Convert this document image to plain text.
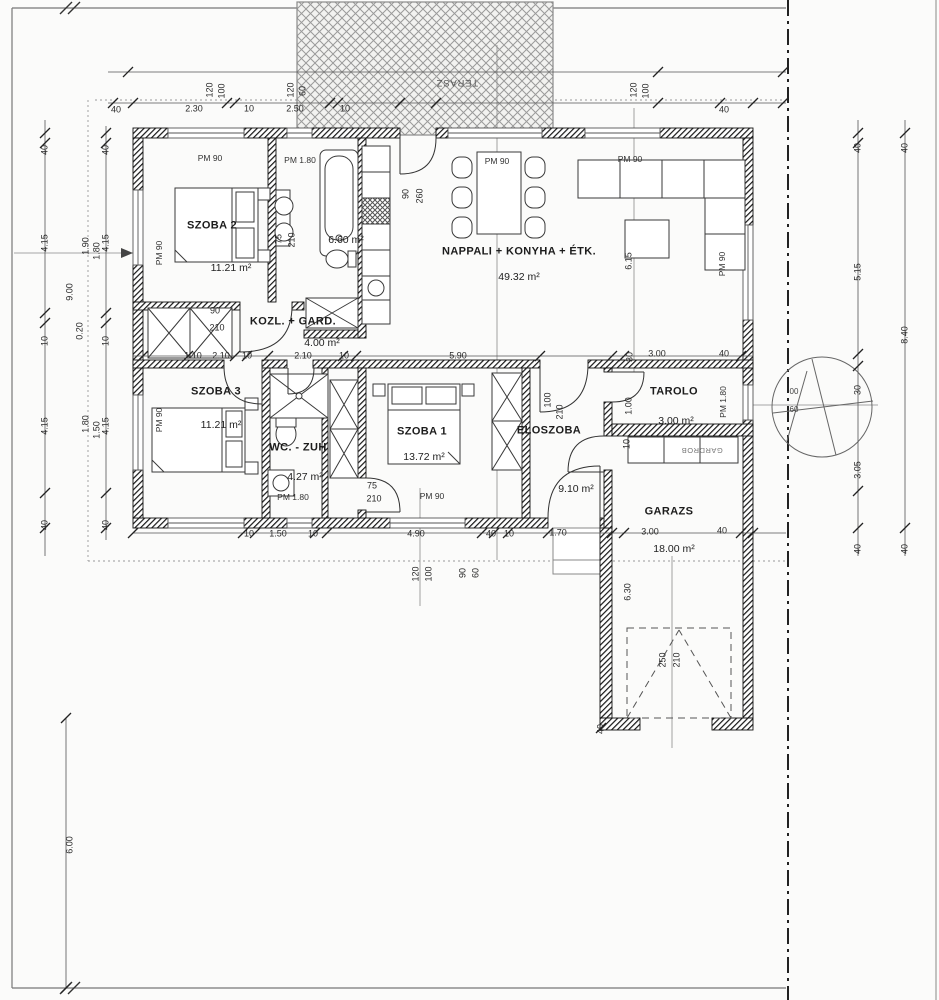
SZOBA 2
11.21 m²
6.60 m²
NAPPALI + KONYHA + ÉTK.
49.32 m²
KOZL. + GARD.
4.00 m²
SZOBA 3
11.21 m²
WC. - ZUH
4.27 m²
SZOBA 1
13.72 m²
ELOSZOBA
9.10 m²
TAROLO
3.00 m²
GARAZS
18.00 m²
TERASZ
PM 90	PM 1.80	PM 90	PM 90
PM 90
PM 90
PM 90
PM 1.80
PM 1.80	PM 90
90
210
75 210
90 260
100
210
75
210
250 210
6.15
5.90
1.10 2.10 10	2.10	10	3.00	40
30
1.00
10
40	2.30	10	2.50	10	40
120 100	120 60	120 100
40
4.15
10
4.15
40
40
4.15
10
4.15
40
1.90 1.80
9.00
0.20
1.80 1.50
6.00
40
5.15
30
3.05
40
40
8.40
40
00
60
10 1.50 10	4.90	40 10	1.70	3.00	40
120 100	90 60
6.30
40
GARDROB
